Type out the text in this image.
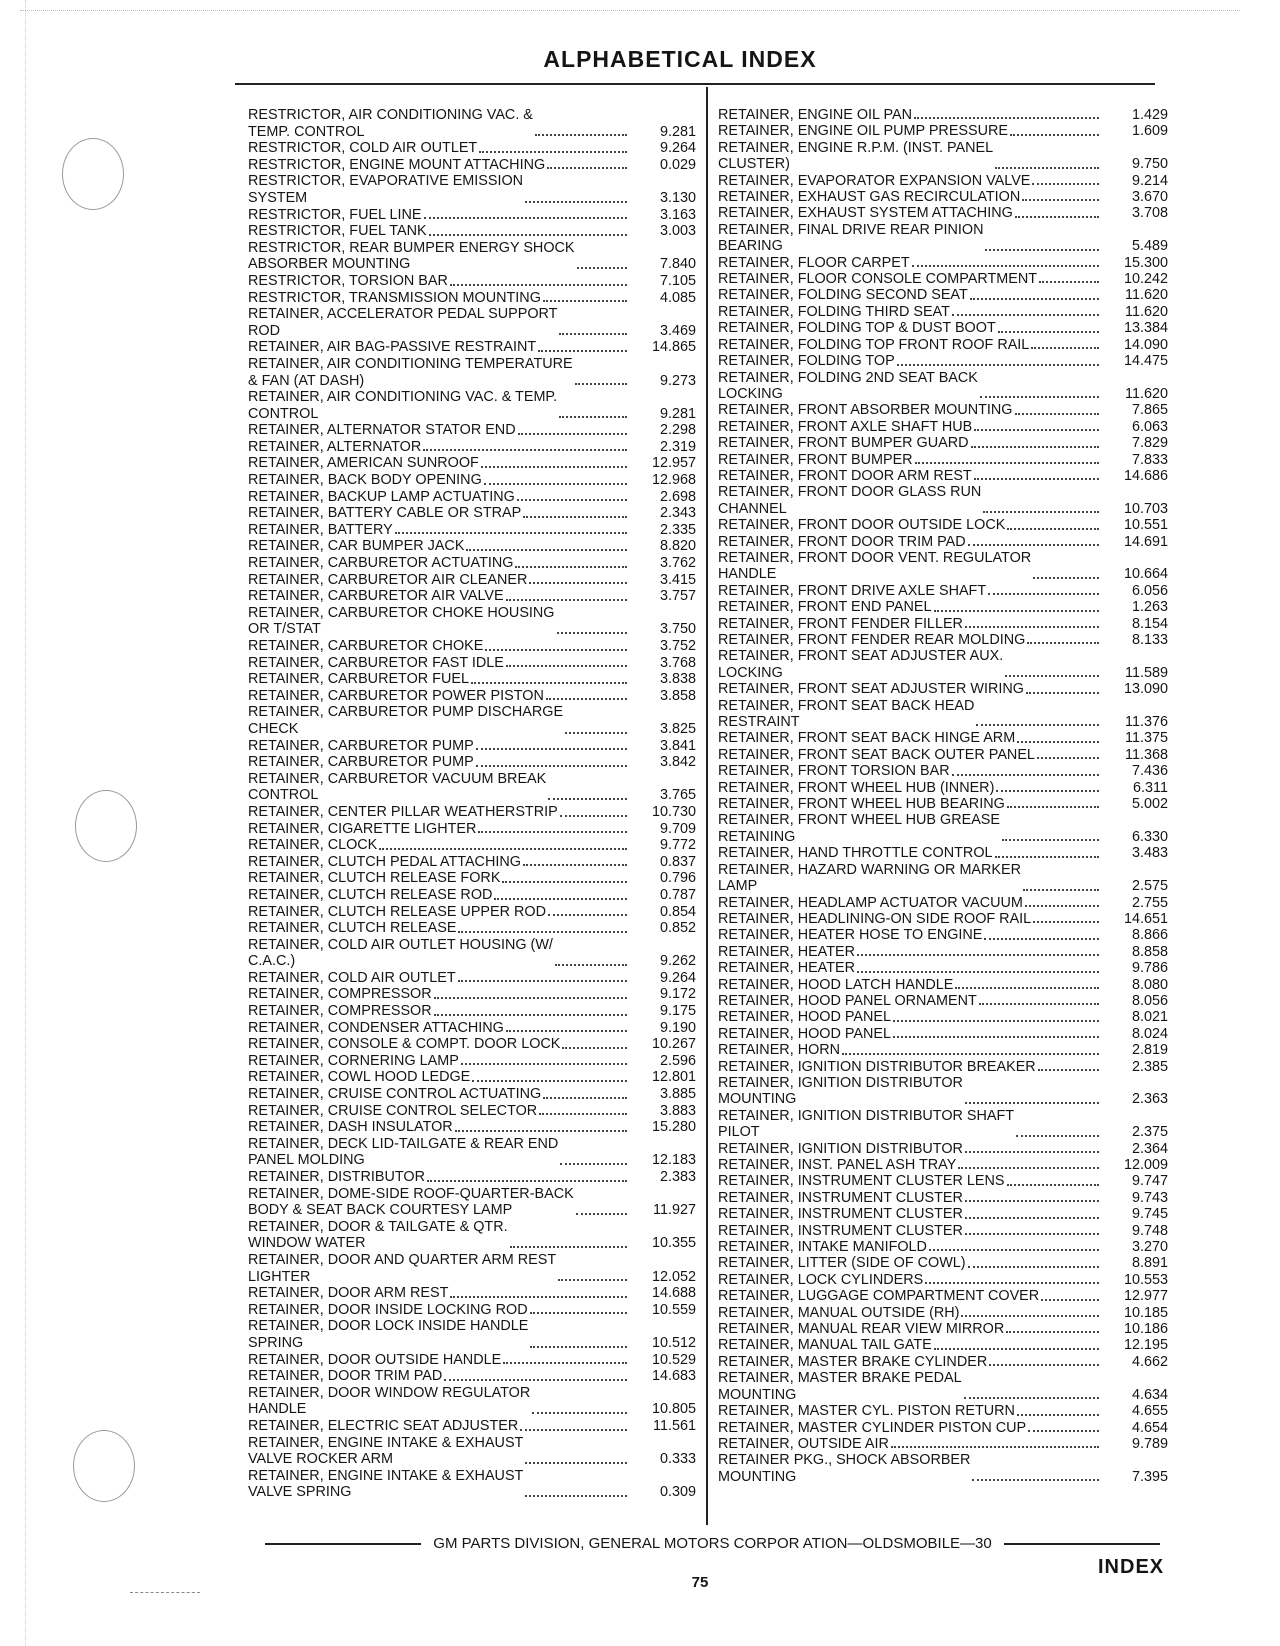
ALPHABETICAL INDEX
RESTRICTOR, AIR CONDITIONING VAC. &
TEMP. CONTROL	9.281
RESTRICTOR, COLD AIR OUTLET	9.264
RESTRICTOR, ENGINE MOUNT ATTACHING	0.029
RESTRICTOR, EVAPORATIVE EMISSION
SYSTEM	3.130
RESTRICTOR, FUEL LINE	3.163
RESTRICTOR, FUEL TANK	3.003
RESTRICTOR, REAR BUMPER ENERGY SHOCK
ABSORBER MOUNTING	7.840
RESTRICTOR, TORSION BAR	7.105
RESTRICTOR, TRANSMISSION MOUNTING	4.085
RETAINER, ACCELERATOR PEDAL SUPPORT
ROD	3.469
RETAINER, AIR BAG-PASSIVE RESTRAINT	14.865
RETAINER, AIR CONDITIONING TEMPERATURE
& FAN (AT DASH)	9.273
RETAINER, AIR CONDITIONING VAC. & TEMP.
CONTROL	9.281
RETAINER, ALTERNATOR STATOR END	2.298
RETAINER, ALTERNATOR	2.319
RETAINER, AMERICAN SUNROOF	12.957
RETAINER, BACK BODY OPENING	12.968
RETAINER, BACKUP LAMP ACTUATING	2.698
RETAINER, BATTERY CABLE OR STRAP	2.343
RETAINER, BATTERY	2.335
RETAINER, CAR BUMPER JACK	8.820
RETAINER, CARBURETOR ACTUATING	3.762
RETAINER, CARBURETOR AIR CLEANER	3.415
RETAINER, CARBURETOR AIR VALVE	3.757
RETAINER, CARBURETOR CHOKE HOUSING
OR T/STAT	3.750
RETAINER, CARBURETOR CHOKE	3.752
RETAINER, CARBURETOR FAST IDLE	3.768
RETAINER, CARBURETOR FUEL	3.838
RETAINER, CARBURETOR POWER PISTON	3.858
RETAINER, CARBURETOR PUMP DISCHARGE
CHECK	3.825
RETAINER, CARBURETOR PUMP	3.841
RETAINER, CARBURETOR PUMP	3.842
RETAINER, CARBURETOR VACUUM BREAK
CONTROL	3.765
RETAINER, CENTER PILLAR WEATHERSTRIP	10.730
RETAINER, CIGARETTE LIGHTER	9.709
RETAINER, CLOCK	9.772
RETAINER, CLUTCH PEDAL ATTACHING	0.837
RETAINER, CLUTCH RELEASE FORK	0.796
RETAINER, CLUTCH RELEASE ROD	0.787
RETAINER, CLUTCH RELEASE UPPER ROD	0.854
RETAINER, CLUTCH RELEASE	0.852
RETAINER, COLD AIR OUTLET HOUSING (W/
C.A.C.)	9.262
RETAINER, COLD AIR OUTLET	9.264
RETAINER, COMPRESSOR	9.172
RETAINER, COMPRESSOR	9.175
RETAINER, CONDENSER ATTACHING	9.190
RETAINER, CONSOLE & COMPT. DOOR LOCK	10.267
RETAINER, CORNERING LAMP	2.596
RETAINER, COWL HOOD LEDGE	12.801
RETAINER, CRUISE CONTROL ACTUATING	3.885
RETAINER, CRUISE CONTROL SELECTOR	3.883
RETAINER, DASH INSULATOR	15.280
RETAINER, DECK LID-TAILGATE & REAR END
PANEL MOLDING	12.183
RETAINER, DISTRIBUTOR	2.383
RETAINER, DOME-SIDE ROOF-QUARTER-BACK
BODY & SEAT BACK COURTESY LAMP	11.927
RETAINER, DOOR & TAILGATE & QTR.
WINDOW WATER	10.355
RETAINER, DOOR AND QUARTER ARM REST
LIGHTER	12.052
RETAINER, DOOR ARM REST	14.688
RETAINER, DOOR INSIDE LOCKING ROD	10.559
RETAINER, DOOR LOCK INSIDE HANDLE
SPRING	10.512
RETAINER, DOOR OUTSIDE HANDLE	10.529
RETAINER, DOOR TRIM PAD	14.683
RETAINER, DOOR WINDOW REGULATOR
HANDLE	10.805
RETAINER, ELECTRIC SEAT ADJUSTER	11.561
RETAINER, ENGINE INTAKE & EXHAUST
VALVE ROCKER ARM	0.333
RETAINER, ENGINE INTAKE & EXHAUST
VALVE SPRING	0.309
RETAINER, ENGINE OIL PAN	1.429
RETAINER, ENGINE OIL PUMP PRESSURE	1.609
RETAINER, ENGINE R.P.M. (INST. PANEL
CLUSTER)	9.750
RETAINER, EVAPORATOR EXPANSION VALVE	9.214
RETAINER, EXHAUST GAS RECIRCULATION	3.670
RETAINER, EXHAUST SYSTEM ATTACHING	3.708
RETAINER, FINAL DRIVE REAR PINION
BEARING	5.489
RETAINER, FLOOR CARPET	15.300
RETAINER, FLOOR CONSOLE COMPARTMENT	10.242
RETAINER, FOLDING SECOND SEAT	11.620
RETAINER, FOLDING THIRD SEAT	11.620
RETAINER, FOLDING TOP & DUST BOOT	13.384
RETAINER, FOLDING TOP FRONT ROOF RAIL	14.090
RETAINER, FOLDING TOP	14.475
RETAINER, FOLDING 2ND SEAT BACK
LOCKING	11.620
RETAINER, FRONT ABSORBER MOUNTING	7.865
RETAINER, FRONT AXLE SHAFT HUB	6.063
RETAINER, FRONT BUMPER GUARD	7.829
RETAINER, FRONT BUMPER	7.833
RETAINER, FRONT DOOR ARM REST	14.686
RETAINER, FRONT DOOR GLASS RUN
CHANNEL	10.703
RETAINER, FRONT DOOR OUTSIDE LOCK	10.551
RETAINER, FRONT DOOR TRIM PAD	14.691
RETAINER, FRONT DOOR VENT. REGULATOR
HANDLE	10.664
RETAINER, FRONT DRIVE AXLE SHAFT	6.056
RETAINER, FRONT END PANEL	1.263
RETAINER, FRONT FENDER FILLER	8.154
RETAINER, FRONT FENDER REAR MOLDING	8.133
RETAINER, FRONT SEAT ADJUSTER AUX.
LOCKING	11.589
RETAINER, FRONT SEAT ADJUSTER WIRING	13.090
RETAINER, FRONT SEAT BACK HEAD
RESTRAINT	11.376
RETAINER, FRONT SEAT BACK HINGE ARM	11.375
RETAINER, FRONT SEAT BACK OUTER PANEL	11.368
RETAINER, FRONT TORSION BAR	7.436
RETAINER, FRONT WHEEL HUB (INNER)	6.311
RETAINER, FRONT WHEEL HUB BEARING	5.002
RETAINER, FRONT WHEEL HUB GREASE
RETAINING	6.330
RETAINER, HAND THROTTLE CONTROL	3.483
RETAINER, HAZARD WARNING OR MARKER
LAMP	2.575
RETAINER, HEADLAMP ACTUATOR VACUUM	2.755
RETAINER, HEADLINING-ON SIDE ROOF RAIL	14.651
RETAINER, HEATER HOSE TO ENGINE	8.866
RETAINER, HEATER	8.858
RETAINER, HEATER	9.786
RETAINER, HOOD LATCH HANDLE	8.080
RETAINER, HOOD PANEL ORNAMENT	8.056
RETAINER, HOOD PANEL	8.021
RETAINER, HOOD PANEL	8.024
RETAINER, HORN	2.819
RETAINER, IGNITION DISTRIBUTOR BREAKER	2.385
RETAINER, IGNITION DISTRIBUTOR
MOUNTING	2.363
RETAINER, IGNITION DISTRIBUTOR SHAFT
PILOT	2.375
RETAINER, IGNITION DISTRIBUTOR	2.364
RETAINER, INST. PANEL ASH TRAY	12.009
RETAINER, INSTRUMENT CLUSTER LENS	9.747
RETAINER, INSTRUMENT CLUSTER	9.743
RETAINER, INSTRUMENT CLUSTER	9.745
RETAINER, INSTRUMENT CLUSTER	9.748
RETAINER, INTAKE MANIFOLD	3.270
RETAINER, LITTER (SIDE OF COWL)	8.891
RETAINER, LOCK CYLINDERS	10.553
RETAINER, LUGGAGE COMPARTMENT COVER	12.977
RETAINER, MANUAL OUTSIDE (RH)	10.185
RETAINER, MANUAL REAR VIEW MIRROR	10.186
RETAINER, MANUAL TAIL GATE	12.195
RETAINER, MASTER BRAKE CYLINDER	4.662
RETAINER, MASTER BRAKE PEDAL
MOUNTING	4.634
RETAINER, MASTER CYL. PISTON RETURN	4.655
RETAINER, MASTER CYLINDER PISTON CUP	4.654
RETAINER, OUTSIDE AIR	9.789
RETAINER PKG., SHOCK ABSORBER
MOUNTING	7.395
GM PARTS DIVISION, GENERAL MOTORS CORPOR ATION—OLDSMOBILE—30
75
INDEX
